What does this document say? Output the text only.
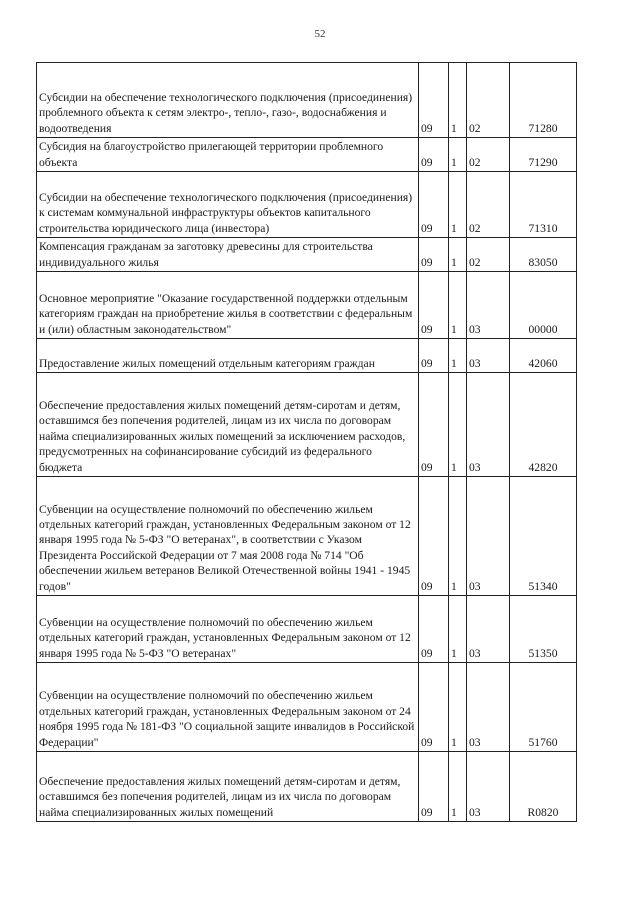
52
Субсидии на обеспечение технологического подключения (присоединения) проблемного объекта к сетям электро-, тепло-, газо-, водоснабжения и водоотведения	09	1	02	71280
Субсидия на благоустройство прилегающей территории проблемного объекта	09	1	02	71290
Субсидии на обеспечение технологического подключения (присоединения) к системам коммунальной инфраструктуры объектов капитального строительства юридического лица (инвестора)	09	1	02	71310
Компенсация гражданам за заготовку древесины для строительства индивидуального жилья	09	1	02	83050
Основное мероприятие "Оказание государственной поддержки отдельным категориям граждан на приобретение жилья в соответствии с федеральным и (или) областным законодательством"	09	1	03	00000
Предоставление жилых помещений отдельным категориям граждан	09	1	03	42060
Обеспечение предоставления жилых помещений детям-сиротам и детям, оставшимся без попечения родителей, лицам из их числа по договорам найма специализированных жилых помещений за исключением расходов, предусмотренных на софинансирование субсидий из федерального бюджета	09	1	03	42820
Субвенции на осуществление полномочий по обеспечению жильем отдельных категорий граждан, установленных Федеральным законом от 12 января 1995 года № 5-ФЗ "О ветеранах", в соответствии с Указом Президента Российской Федерации от 7 мая 2008 года № 714 "Об обеспечении жильем ветеранов Великой Отечественной войны 1941 - 1945 годов"	09	1	03	51340
Субвенции на осуществление полномочий по обеспечению жильем отдельных категорий граждан, установленных Федеральным законом от 12 января 1995 года № 5-ФЗ "О ветеранах"	09	1	03	51350
Субвенции на осуществление полномочий по обеспечению жильем отдельных категорий граждан, установленных Федеральным законом от 24 ноября 1995 года № 181-ФЗ "О социальной защите инвалидов в Российской Федерации"	09	1	03	51760
Обеспечение предоставления жилых помещений детям-сиротам и детям, оставшимся без попечения родителей, лицам из их числа по договорам найма специализированных жилых помещений	09	1	03	R0820
